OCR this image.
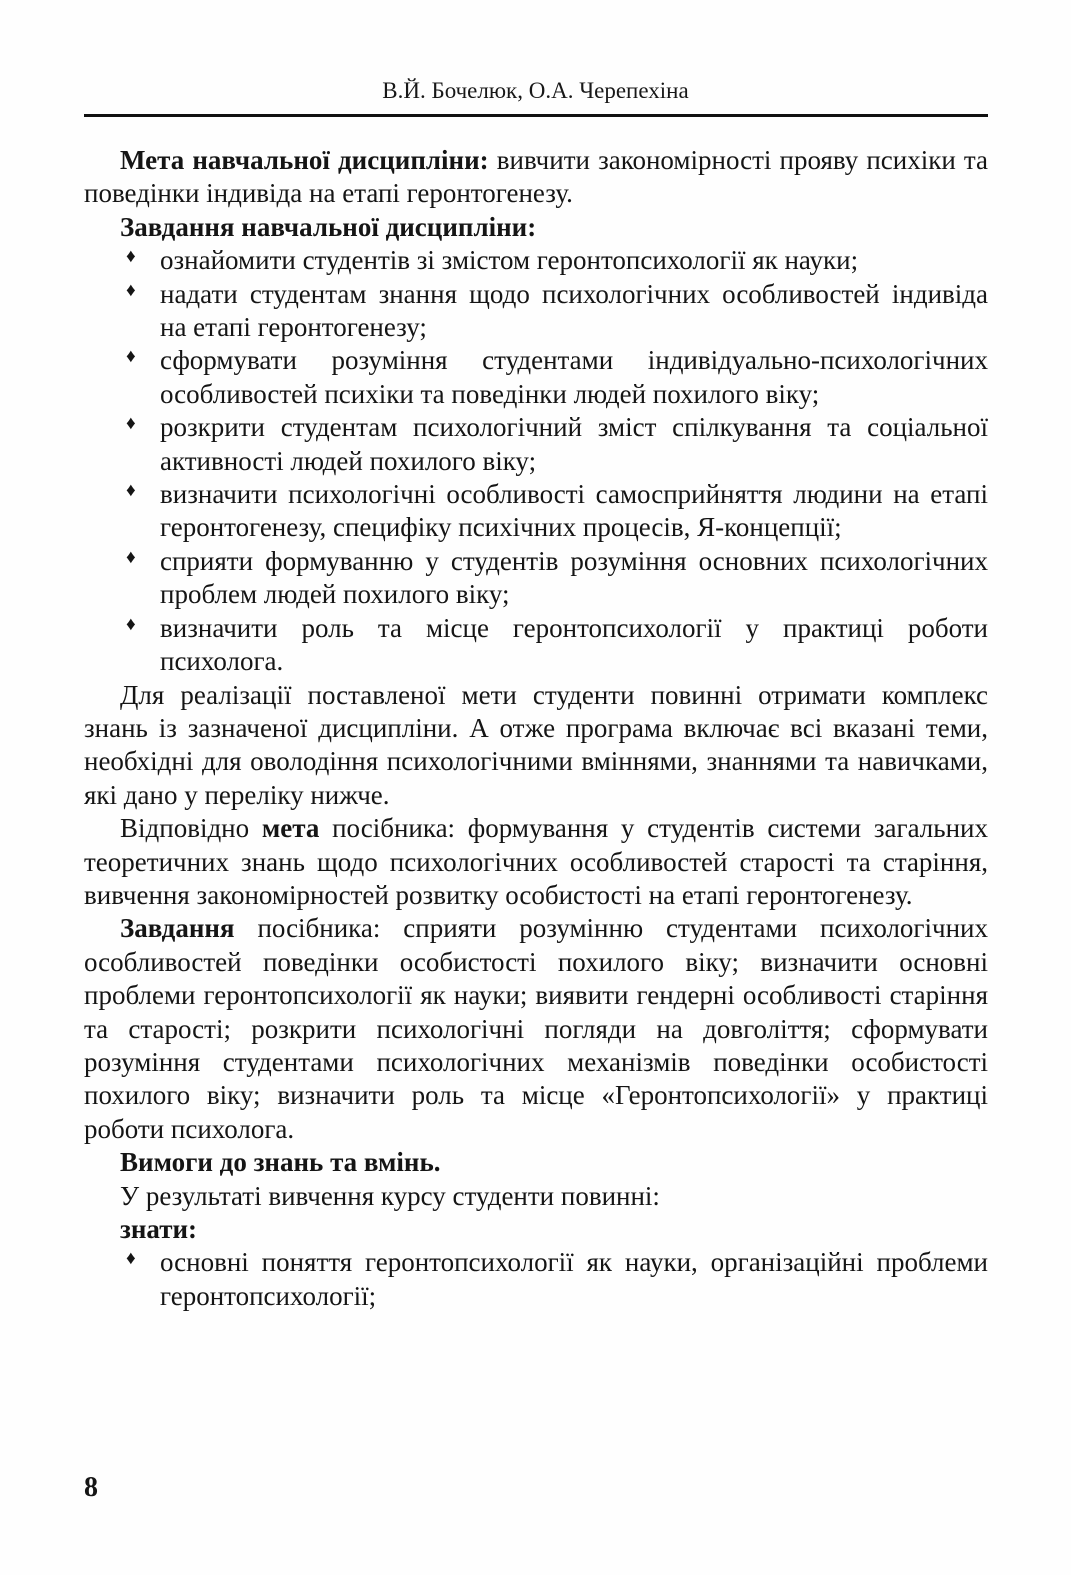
В.Й. Бочелюк, О.А. Черепехіна

Мета навчальної дисципліни: вивчити закономірності прояву психіки та поведінки індивіда на етапі геронтогенезу.

Завдання навчальної дисципліни:

♦ ознайомити студентів зі змістом геронтопсихології як науки;
♦ надати студентам знання щодо психологічних особливостей індивіда на етапі геронтогенезу;
♦ сформувати розуміння студентами індивідуально-психологічних особливостей психіки та поведінки людей похилого віку;
♦ розкрити студентам психологічний зміст спілкування та соціальної активності людей похилого віку;
♦ визначити психологічні особливості самосприйняття людини на етапі геронтогенезу, специфіку психічних процесів, Я-концепції;
♦ сприяти формуванню у студентів розуміння основних психологічних проблем людей похилого віку;
♦ визначити роль та місце геронтопсихології у практиці роботи психолога.

Для реалізації поставленої мети студенти повинні отримати комплекс знань із зазначеної дисципліни. А отже програма включає всі вказані теми, необхідні для оволодіння психологічними вміннями, знаннями та навичками, які дано у переліку нижче.

Відповідно мета посібника: формування у студентів системи загальних теоретичних знань щодо психологічних особливостей старості та старіння, вивчення закономірностей розвитку особистості на етапі геронтогенезу.

Завдання посібника: сприяти розумінню студентами психологічних особливостей поведінки особистості похилого віку; визначити основні проблеми геронтопсихології як науки; виявити гендерні особливості старіння та старості; розкрити психологічні погляди на довголіття; сформувати розуміння студентами психологічних механізмів поведінки особистості похилого віку; визначити роль та місце «Геронтопсихології» у практиці роботи психолога.

Вимоги до знань та вмінь.

У результаті вивчення курсу студенти повинні:

знати:

♦ основні поняття геронтопсихології як науки, організаційні проблеми геронтопсихології;
8
